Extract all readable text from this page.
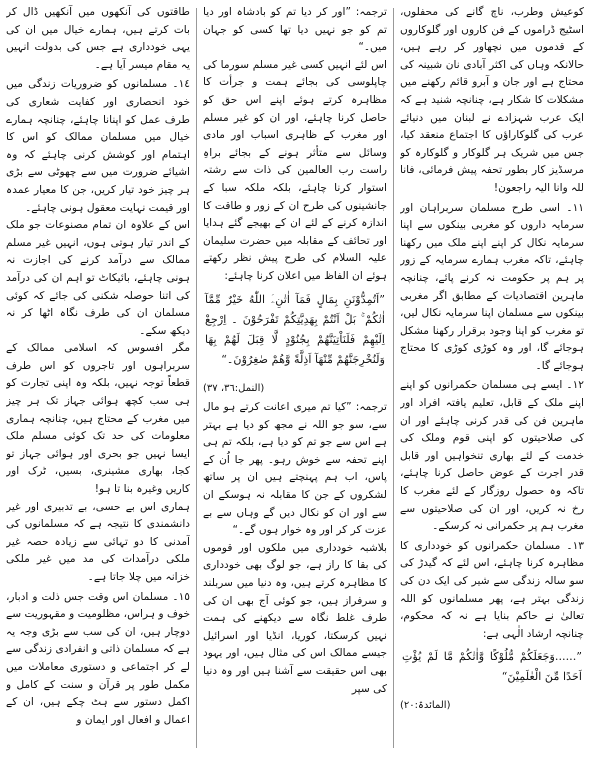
کوعیش وطرب، ناچ گانے کی محفلوں، اسٹیج ڈراموں کے فن کاروں اور گلوکاروں کے قدموں میں نچھاور کر رہے ہیں، حالانکہ وہاں کی اکثر آبادی نان شبینہ کی محتاج ہے اور جان و آبرو قائم رکھنے میں مشکلات کا شکار ہے، چنانچہ شنید ہے کہ ایک عرب شہزادے نے لبنان میں دنیائے عرب کی گلوکاراؤں کا اجتماع منعقد کیا، جس میں شریک ہر گلوکار و گلوکارہ کو مرسڈیز کار بطور تحفہ پیش فرمائی، فانا للہ وانا الیہ راجعون!

١١۔ اسی طرح مسلمان سربراہان اور سرمایہ داروں کو مغربی بینکوں سے اپنا سرمایہ نکال کر اپنے اپنے ملک میں رکھنا چاہئے، تاکہ مغرب ہمارے سرمایہ کے زور پر ہم پر حکومت نہ کرنے پائے، چنانچہ ماہرین اقتصادیات کے مطابق اگر مغربی بینکوں سے مسلمان اپنا سرمایہ نکال لیں، تو مغرب کو اپنا وجود برقرار رکھنا مشکل ہوجائے گا، اور وہ کوڑی کوڑی کا محتاج ہوجائے گا۔

١٢۔ ایسے ہی مسلمان حکمرانوں کو اپنے اپنے ملک کے قابل، تعلیم یافتہ افراد اور ماہرین فن کی قدر کرنی چاہئے اور ان کی صلاحیتوں کو اپنی قوم وملک کی خدمت کے لئے بھاری تنخواہیں اور قابل قدر اجرت کے عوض حاصل کرنا چاہئے، تاکہ وہ حصول روزگار کے لئے مغرب کا رخ نہ کریں، اور ان کی صلاحیتوں سے مغرب ہم پر حکمرانی نہ کرسکے۔

١٣۔ مسلمان حکمرانوں کو خودداری کا مظاہرہ کرنا چاہئے، اس لئے کہ گیدڑ کی سو سالہ زندگی سے شیر کی ایک دن کی زندگی بہتر ہے، پھر مسلمانوں کو اللہ تعالیٰ نے حاکم بنایا ہے نہ کہ محکوم، چنانچہ ارشاد الٰہی ہے:

”......وَجَعَلَكُمْ مُّلُوْكًا وَّاٰتٰكُمْ مَّا لَمْ يُؤْتِ اَحَدًا مِّنَ الْعٰلَمِيْنَ“

(المائدۃ:٢٠)

ترجمہ: ”اور کر دیا تم کو بادشاہ اور دیا تم کو جو نہیں دیا تھا کسی کو جہان میں۔“

اس لئے انہیں کسی غیر مسلم سورما کی چاپلوسی کی بجائے ہمت و جرأت کا مظاہرہ کرتے ہوئے اپنے اس حق کو حاصل کرنا چاہئے، اور ان کو غیر مسلم اور مغرب کے ظاہری اسباب اور مادی وسائل سے متأثر ہونے کے بجائے براہِ راست رب العالمین کی ذات سے رشتہ استوار کرنا چاہئے، بلکہ ملکہ سبا کے جانشینوں کی طرح ان کے زور و طاقت کا اندازہ کرنے کے لئے ان کے بھیجے گئے ہدایا اور تحائف کے مقابلہ میں حضرت سلیمان علیہ السلام کی طرح پیش نظر رکھتے ہوئے ان الفاظ میں اعلان کرنا چاہئے:

”اَتُمِدُّوْنَنِ بِمَالٍ فَمَآ اٰتٰنِۦَ اللّٰهُ خَيْرٌ مِّمَّآ اٰتٰكُمْ ۚ بَلْ اَنْتُمْ بِهَدِيَّتِكُمْ تَفْرَحُوْنَ ۔ اِرْجِعْ اِلَيْهِمْ فَلَنَاْتِيَنَّهُمْ بِجُنُوْدٍ لَّا قِبَلَ لَهُمْ بِهَا وَلَنُخْرِجَنَّهُمْ مِّنْهَآ اَذِلَّةً وَّهُمْ صٰغِرُوْنَ۔“

(النمل:٣٦، ٣٧)

ترجمہ: ”کیا تم میری اعانت کرتے ہو مال سے، سو جو اللہ نے مجھ کو دیا ہے بہتر ہے اس سے جو تم کو دیا ہے، بلکہ تم ہی اپنے تحفہ سے خوش رہو۔ پھر جا اُن کے پاس، اب ہم پہنچتے ہیں ان پر ساتھ لشکروں کے جن کا مقابلہ نہ ہوسکے ان سے اور ان کو نکال دیں گے وہاں سے بے عزت کر کر اور وہ خوار ہوں گے۔“

بلاشبہ خودداری میں ملکوں اور قوموں کی بقا کا راز ہے، جو لوگ بھی خودداری کا مظاہرہ کرتے ہیں، وہ دنیا میں سربلند و سرفراز ہیں، جو کوئی آج بھی ان کی طرف غلط نگاہ سے دیکھنے کی ہمت نہیں کرسکتا، کوریا، انڈیا اور اسرائیل جیسے ممالک اس کی مثال ہیں، اور یہود بھی اس حقیقت سے آشنا ہیں اور وہ دنیا کی سپر

طاقتوں کی آنکھوں میں آنکھیں ڈال کر بات کرتے ہیں، ہمارے خیال میں ان کی یہی خودداری ہے جس کی بدولت انہیں یہ مقام میسر آیا ہے۔

١٤۔ مسلمانوں کو ضروریات زندگی میں خود انحصاری اور کفایت شعاری کی طرف عمل کو اپنانا چاہئے، چنانچہ ہمارے خیال میں مسلمان ممالک کو اس کا اہتمام اور کوشش کرنی چاہئے کہ وہ اشیائے ضرورت میں سے چھوٹی سے بڑی ہر چیز خود تیار کریں، جن کا معیار عمدہ اور قیمت نہایت معقول ہونی چاہئے۔

اس کے علاوہ ان تمام مصنوعات جو ملک کے اندر تیار ہوتی ہوں، انہیں غیر مسلم ممالک سے درآمد کرنے کی اجازت نہ ہونی چاہئے، بائیکاٹ تو اہم ان کی درآمد کی اتنا حوصلہ شکنی کی جائے کہ کوئی مسلمان ان کی طرف نگاہ اٹھا کر نہ دیکھ سکے۔

مگر افسوس کہ اسلامی ممالک کے سربراہوں اور تاجروں کو اس طرف قطعاً توجہ نہیں، بلکہ وہ اپنی تجارت کو ہی سب کچھ ہوائی جہاز تک ہر چیز میں مغرب کے محتاج ہیں، چنانچہ ہماری معلومات کی حد تک کوئی مسلم ملک ایسا نہیں جو بحری اور ہوائی جہاز تو کجا، بھاری مشینری، بسیں، ٹرک اور کاریں وغیرہ بنا تا ہو!

ہماری اس بے حسی، بے تدبیری اور غیر دانشمندی کا نتیجہ ہے کہ مسلمانوں کی آمدنی کا دو تہائی سے زیادہ حصہ غیر ملکی درآمدات کی مد میں غیر ملکی خزانہ میں چلا جاتا ہے۔

١٥۔ مسلمان اس وقت جس ذلت و ادبار، خوف و ہراس، مظلومیت و مقہوریت سے دوچار ہیں، ان کی سب سے بڑی وجہ یہ ہے کہ مسلمان ذاتی و انفرادی زندگی سے لے کر اجتماعی و دستوری معاملات میں مکمل طور پر قرآن و سنت کے کامل و اکمل دستور سے ہٹ چکے ہیں، ان کے اعمال و افعال اور ایمان و
